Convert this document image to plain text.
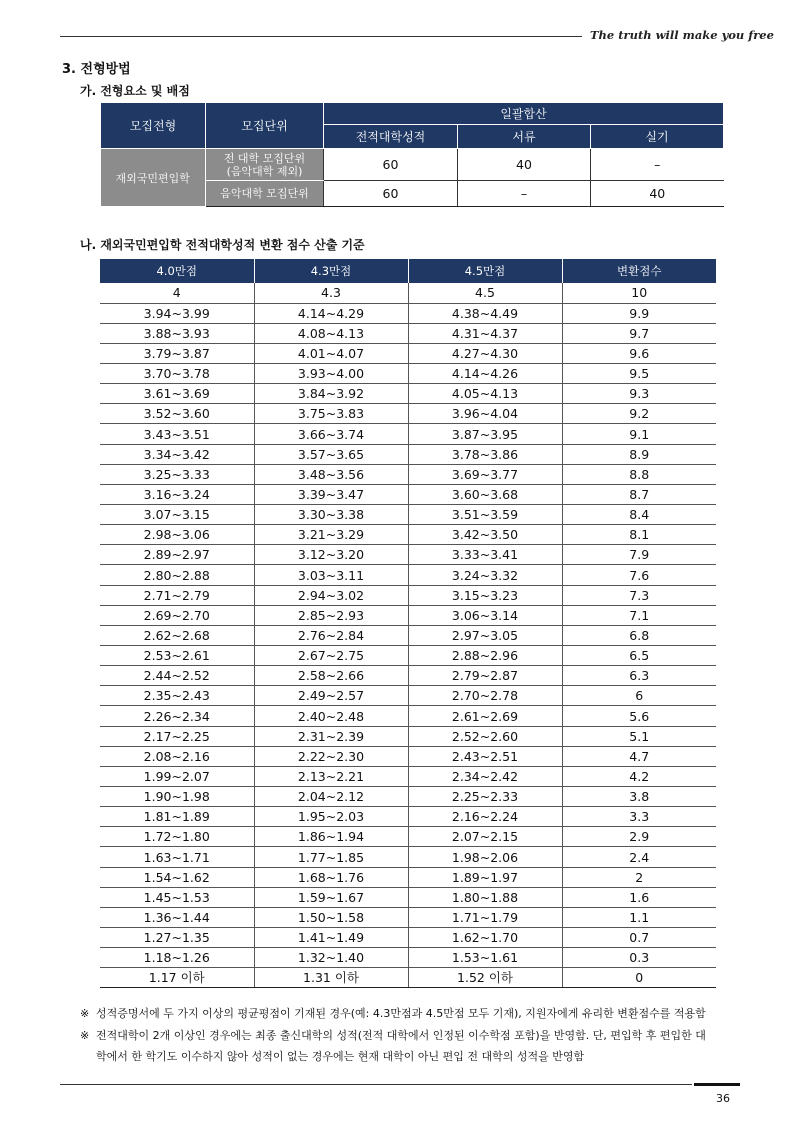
The truth will make you free
3. 전형방법
가. 전형요소 및 배점
모집전형	모집단위	일괄합산		
		전적대학성적	서류	실기
재외국민편입학	전 대학 모집단위
(음악대학 제외)	60	40	–
	음악대학 모집단위	60	–	40
나. 재외국민편입학 전적대학성적 변환 점수 산출 기준
4.0만점	4.3만점	4.5만점	변환점수
4	4.3	4.5	10
3.94~3.99	4.14~4.29	4.38~4.49	9.9
3.88~3.93	4.08~4.13	4.31~4.37	9.7
3.79~3.87	4.01~4.07	4.27~4.30	9.6
3.70~3.78	3.93~4.00	4.14~4.26	9.5
3.61~3.69	3.84~3.92	4.05~4.13	9.3
3.52~3.60	3.75~3.83	3.96~4.04	9.2
3.43~3.51	3.66~3.74	3.87~3.95	9.1
3.34~3.42	3.57~3.65	3.78~3.86	8.9
3.25~3.33	3.48~3.56	3.69~3.77	8.8
3.16~3.24	3.39~3.47	3.60~3.68	8.7
3.07~3.15	3.30~3.38	3.51~3.59	8.4
2.98~3.06	3.21~3.29	3.42~3.50	8.1
2.89~2.97	3.12~3.20	3.33~3.41	7.9
2.80~2.88	3.03~3.11	3.24~3.32	7.6
2.71~2.79	2.94~3.02	3.15~3.23	7.3
2.69~2.70	2.85~2.93	3.06~3.14	7.1
2.62~2.68	2.76~2.84	2.97~3.05	6.8
2.53~2.61	2.67~2.75	2.88~2.96	6.5
2.44~2.52	2.58~2.66	2.79~2.87	6.3
2.35~2.43	2.49~2.57	2.70~2.78	6
2.26~2.34	2.40~2.48	2.61~2.69	5.6
2.17~2.25	2.31~2.39	2.52~2.60	5.1
2.08~2.16	2.22~2.30	2.43~2.51	4.7
1.99~2.07	2.13~2.21	2.34~2.42	4.2
1.90~1.98	2.04~2.12	2.25~2.33	3.8
1.81~1.89	1.95~2.03	2.16~2.24	3.3
1.72~1.80	1.86~1.94	2.07~2.15	2.9
1.63~1.71	1.77~1.85	1.98~2.06	2.4
1.54~1.62	1.68~1.76	1.89~1.97	2
1.45~1.53	1.59~1.67	1.80~1.88	1.6
1.36~1.44	1.50~1.58	1.71~1.79	1.1
1.27~1.35	1.41~1.49	1.62~1.70	0.7
1.18~1.26	1.32~1.40	1.53~1.61	0.3
1.17 이하	1.31 이하	1.52 이하	0
※ 성적증명서에 두 가지 이상의 평균평점이 기재된 경우(예: 4.3만점과 4.5만점 모두 기재), 지원자에게 유리한 변환점수를 적용함
※ 전적대학이 2개 이상인 경우에는 최종 출신대학의 성적(전적 대학에서 인정된 이수학점 포함)을 반영함. 단, 편입학 후 편입한 대
학에서 한 학기도 이수하지 않아 성적이 없는 경우에는 현재 대학이 아닌 편입 전 대학의 성적을 반영함
36
